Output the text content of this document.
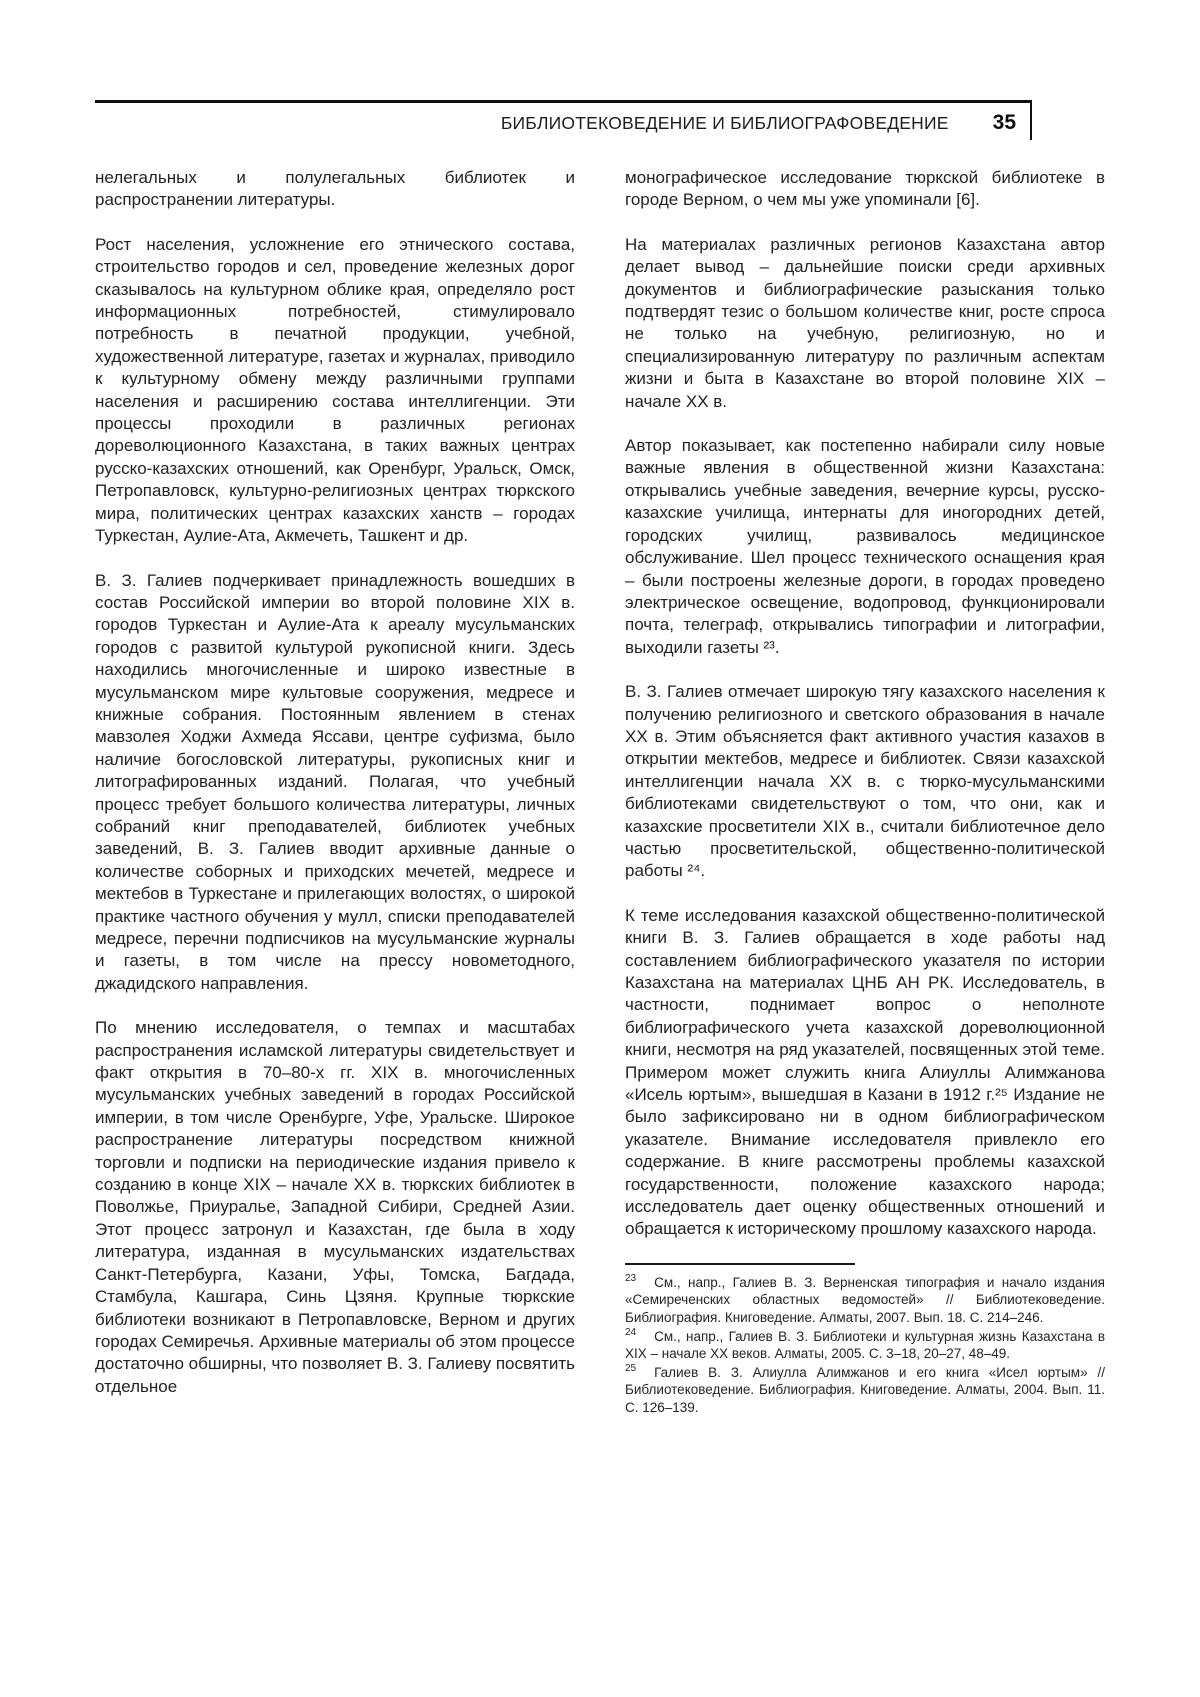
БИБЛИОТЕКОВЕДЕНИЕ И БИБЛИОГРАФОВЕДЕНИЕ 35

нелегальных и полулегальных библиотек и распространении литературы.

Рост населения, усложнение его этнического состава, строительство городов и сел, проведение железных дорог сказывалось на культурном облике края, определяло рост информационных потребностей, стимулировало потребность в печатной продукции, учебной, художественной литературе, газетах и журналах, приводило к культурному обмену между различными группами населения и расширению состава интеллигенции. Эти процессы проходили в различных регионах дореволюционного Казахстана, в таких важных центрах русско-казахских отношений, как Оренбург, Уральск, Омск, Петропавловск, культурно-религиозных центрах тюркского мира, политических центрах казахских ханств – городах Туркестан, Аулие-Ата, Акмечеть, Ташкент и др.

В. З. Галиев подчеркивает принадлежность вошедших в состав Российской империи во второй половине XIX в. городов Туркестан и Аулие-Ата к ареалу мусульманских городов с развитой культурой рукописной книги. Здесь находились многочисленные и широко известные в мусульманском мире культовые сооружения, медресе и книжные собрания. Постоянным явлением в стенах мавзолея Ходжи Ахмеда Яссави, центре суфизма, было наличие богословской литературы, рукописных книг и литографированных изданий. Полагая, что учебный процесс требует большого количества литературы, личных собраний книг преподавателей, библиотек учебных заведений, В. З. Галиев вводит архивные данные о количестве соборных и приходских мечетей, медресе и мектебов в Туркестане и прилегающих волостях, о широкой практике частного обучения у мулл, списки преподавателей медресе, перечни подписчиков на мусульманские журналы и газеты, в том числе на прессу новометодного, джадидского направления.

По мнению исследователя, о темпах и масштабах распространения исламской литературы свидетельствует и факт открытия в 70–80-х гг. XIX в. многочисленных мусульманских учебных заведений в городах Российской империи, в том числе Оренбурге, Уфе, Уральске. Широкое распространение литературы посредством книжной торговли и подписки на периодические издания привело к созданию в конце XIX – начале XX в. тюркских библиотек в Поволжье, Приуралье, Западной Сибири, Средней Азии. Этот процесс затронул и Казахстан, где была в ходу литература, изданная в мусульманских издательствах Санкт-Петербурга, Казани, Уфы, Томска, Багдада, Стамбула, Кашгара, Синь Цзяня. Крупные тюркские библиотеки возникают в Петропавловске, Верном и других городах Семиречья. Архивные материалы об этом процессе достаточно обширны, что позволяет В. З. Галиеву посвятить отдельное

монографическое исследование тюркской библиотеке в городе Верном, о чем мы уже упоминали [6].

На материалах различных регионов Казахстана автор делает вывод – дальнейшие поиски среди архивных документов и библиографические разыскания только подтвердят тезис о большом количестве книг, росте спроса не только на учебную, религиозную, но и специализированную литературу по различным аспектам жизни и быта в Казахстане во второй половине XIX – начале XX в.

Автор показывает, как постепенно набирали силу новые важные явления в общественной жизни Казахстана: открывались учебные заведения, вечерние курсы, русско-казахские училища, интернаты для иногородних детей, городских училищ, развивалось медицинское обслуживание. Шел процесс технического оснащения края – были построены железные дороги, в городах проведено электрическое освещение, водопровод, функционировали почта, телеграф, открывались типографии и литографии, выходили газеты ²³.

В. З. Галиев отмечает широкую тягу казахского населения к получению религиозного и светского образования в начале XX в. Этим объясняется факт активного участия казахов в открытии мектебов, медресе и библиотек. Связи казахской интеллигенции начала XX в. с тюрко-мусульманскими библиотеками свидетельствуют о том, что они, как и казахские просветители XIX в., считали библиотечное дело частью просветительской, общественно-политической работы ²⁴.

К теме исследования казахской общественно-политической книги В. З. Галиев обращается в ходе работы над составлением библиографического указателя по истории Казахстана на материалах ЦНБ АН РК. Исследователь, в частности, поднимает вопрос о неполноте библиографического учета казахской дореволюционной книги, несмотря на ряд указателей, посвященных этой теме. Примером может служить книга Алиуллы Алимжанова «Исель юртым», вышедшая в Казани в 1912 г.²⁵ Издание не было зафиксировано ни в одном библиографическом указателе. Внимание исследователя привлекло его содержание. В книге рассмотрены проблемы казахской государственности, положение казахского народа; исследователь дает оценку общественных отношений и обращается к историческому прошлому казахского народа.

$^{23}$ См., напр., Галиев В. З. Верненская типография и начало издания «Семиреченских областных ведомостей» // Библиотековедение. Библиография. Книговедение. Алматы, 2007. Вып. 18. С. 214–246.

$^{24}$ См., напр., Галиев В. З. Библиотеки и культурная жизнь Казахстана в XIX – начале XX веков. Алматы, 2005. С. 3–18, 20–27, 48–49.

$^{25}$ Галиев В. З. Алиулла Алимжанов и его книга «Исел юртым» // Библиотековедение. Библиография. Книговедение. Алматы, 2004. Вып. 11. С. 126–139.
